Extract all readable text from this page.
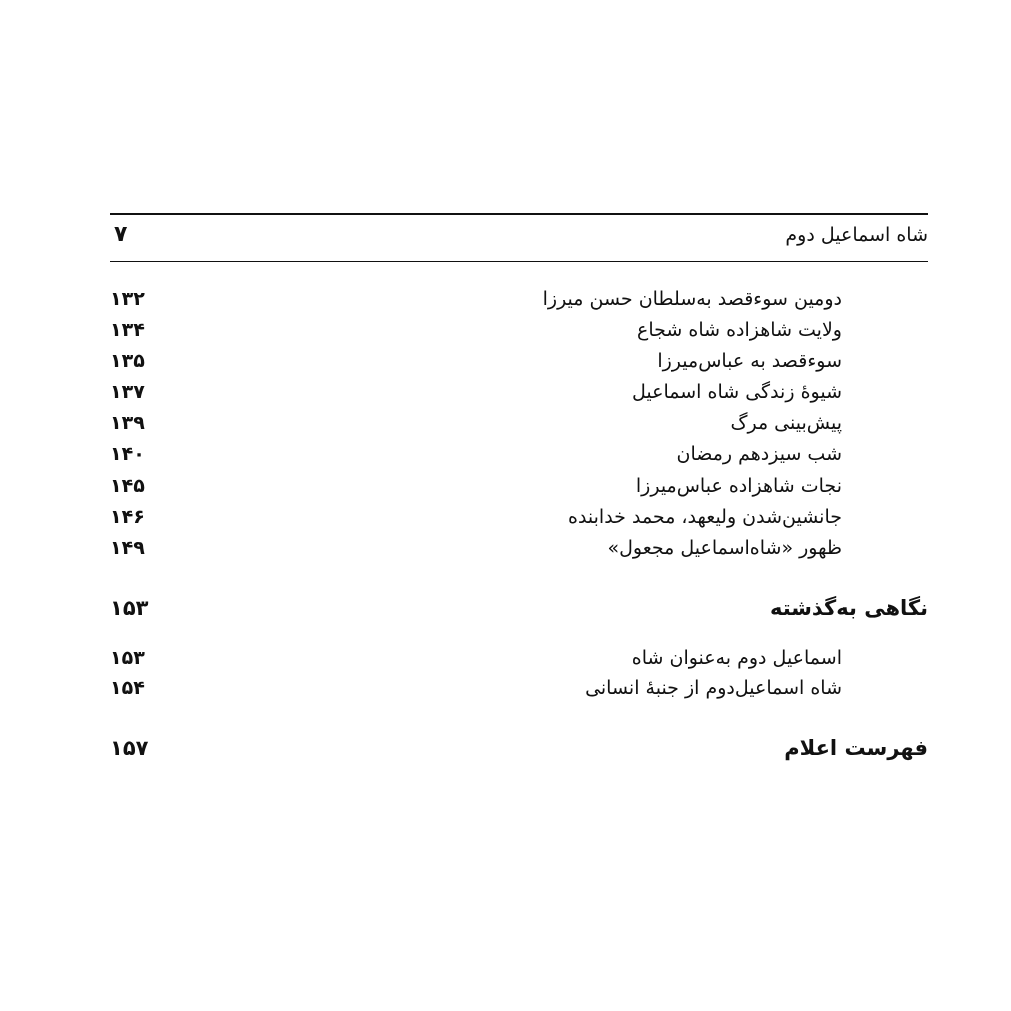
شاه اسماعیل دوم
۷
دومین سوءقصد به‌سلطان حسن میرزا
۱۳۲
ولایت شاهزاده شاه شجاع
۱۳۴
سوءقصد به عباس‌میرزا
۱۳۵
شیوهٔ زندگی شاه اسماعیل
۱۳۷
پیش‌بینی مرگ
۱۳۹
شب سیزدهم رمضان
۱۴۰
نجات شاهزاده عباس‌میرزا
۱۴۵
جانشین‌شدن ولیعهد، محمد خدابنده
۱۴۶
ظهور «شاه‌اسماعیل مجعول»
۱۴۹
نگاهی به‌گذشته
۱۵۳
اسماعیل دوم به‌عنوان شاه
۱۵۳
شاه اسماعیل‌دوم از جنبهٔ انسانی
۱۵۴
فهرست اعلام
۱۵۷
